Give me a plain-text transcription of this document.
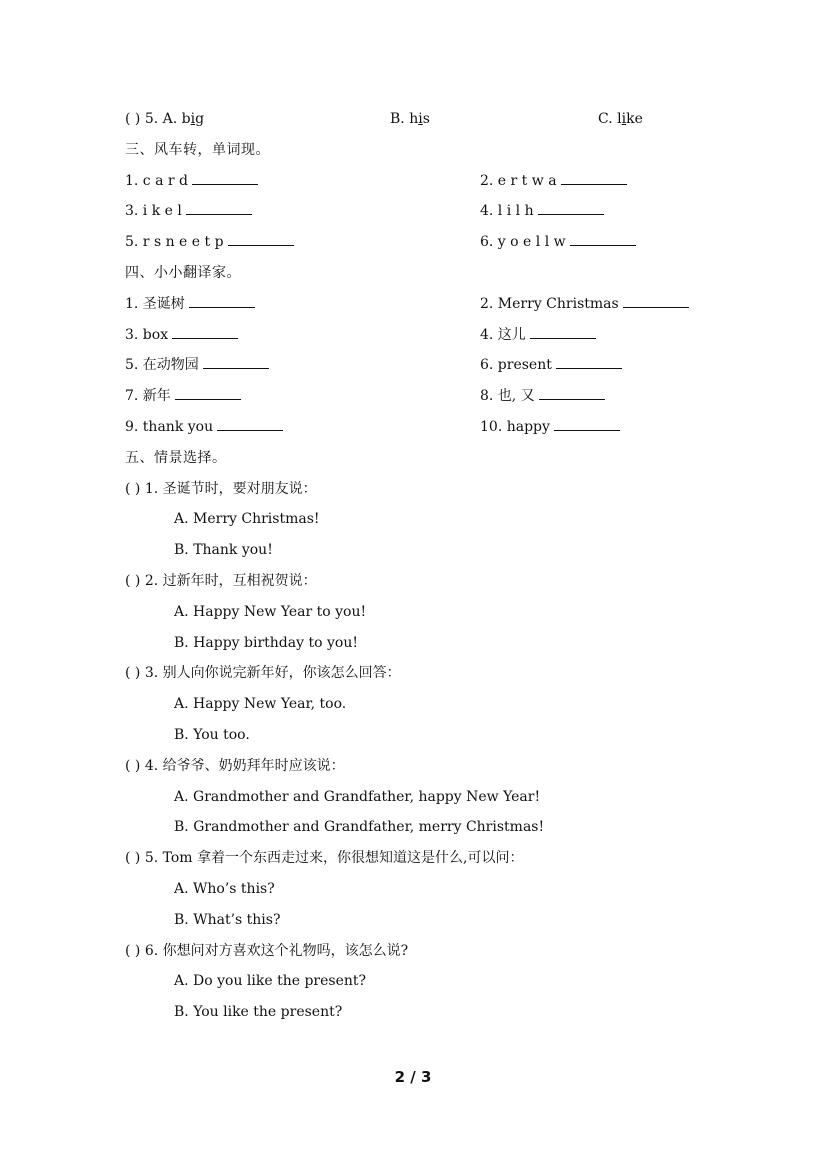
( ) 5. A. big	B. his	C. like
三、风车转，单词现。
1. c a r d	2. e r t w a
3. i k e l	4. l i l h
5. r s n e e t p	6. y o e l l w
四、小小翻译家。
1. 圣诞树	2. Merry Christmas
3. box	4. 这儿
5. 在动物园	6. present
7. 新年	8. 也, 又
9. thank you	10. happy
五、情景选择。
( ) 1. 圣诞节时，要对朋友说：
A. Merry Christmas!
B. Thank you!
( ) 2. 过新年时，互相祝贺说：
A. Happy New Year to you!
B. Happy birthday to you!
( ) 3. 别人向你说完新年好，你该怎么回答：
A. Happy New Year, too.
B. You too.
( ) 4. 给爷爷、奶奶拜年时应该说：
A. Grandmother and Grandfather, happy New Year!
B. Grandmother and Grandfather, merry Christmas!
( ) 5. Tom 拿着一个东西走过来，你很想知道这是什么,可以问：
A. Who’s this?
B. What’s this?
( ) 6. 你想问对方喜欢这个礼物吗，该怎么说?
A. Do you like the present?
B. You like the present?
2 / 3
